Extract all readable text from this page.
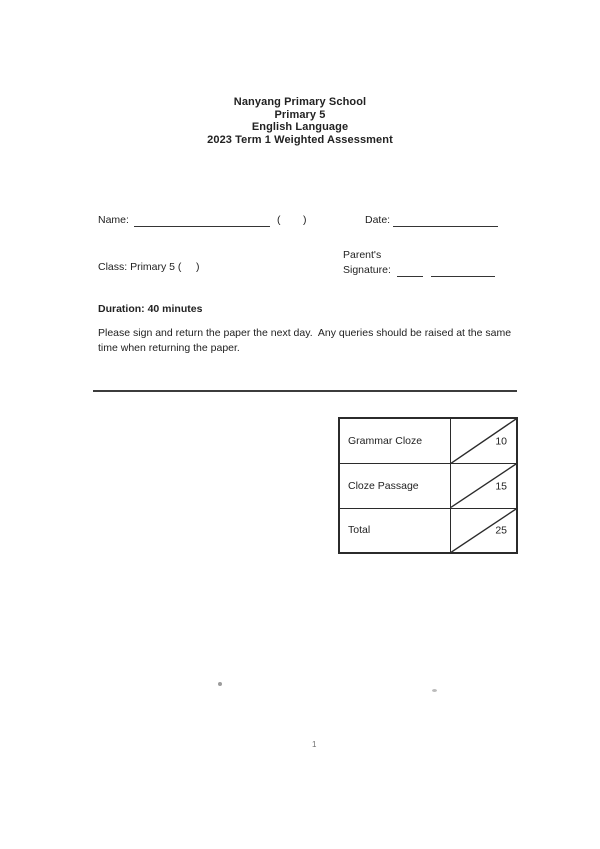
Nanyang Primary School
Primary 5
English Language
2023 Term 1 Weighted Assessment
Name:	( )	Date:
Class: Primary 5 (     )
Parent's
Signature:
Duration: 40 minutes
Please sign and return the paper the next day.  Any queries should be raised at the same time when returning the paper.
Grammar Cloze	10
Cloze Passage	15
Total	25
1
